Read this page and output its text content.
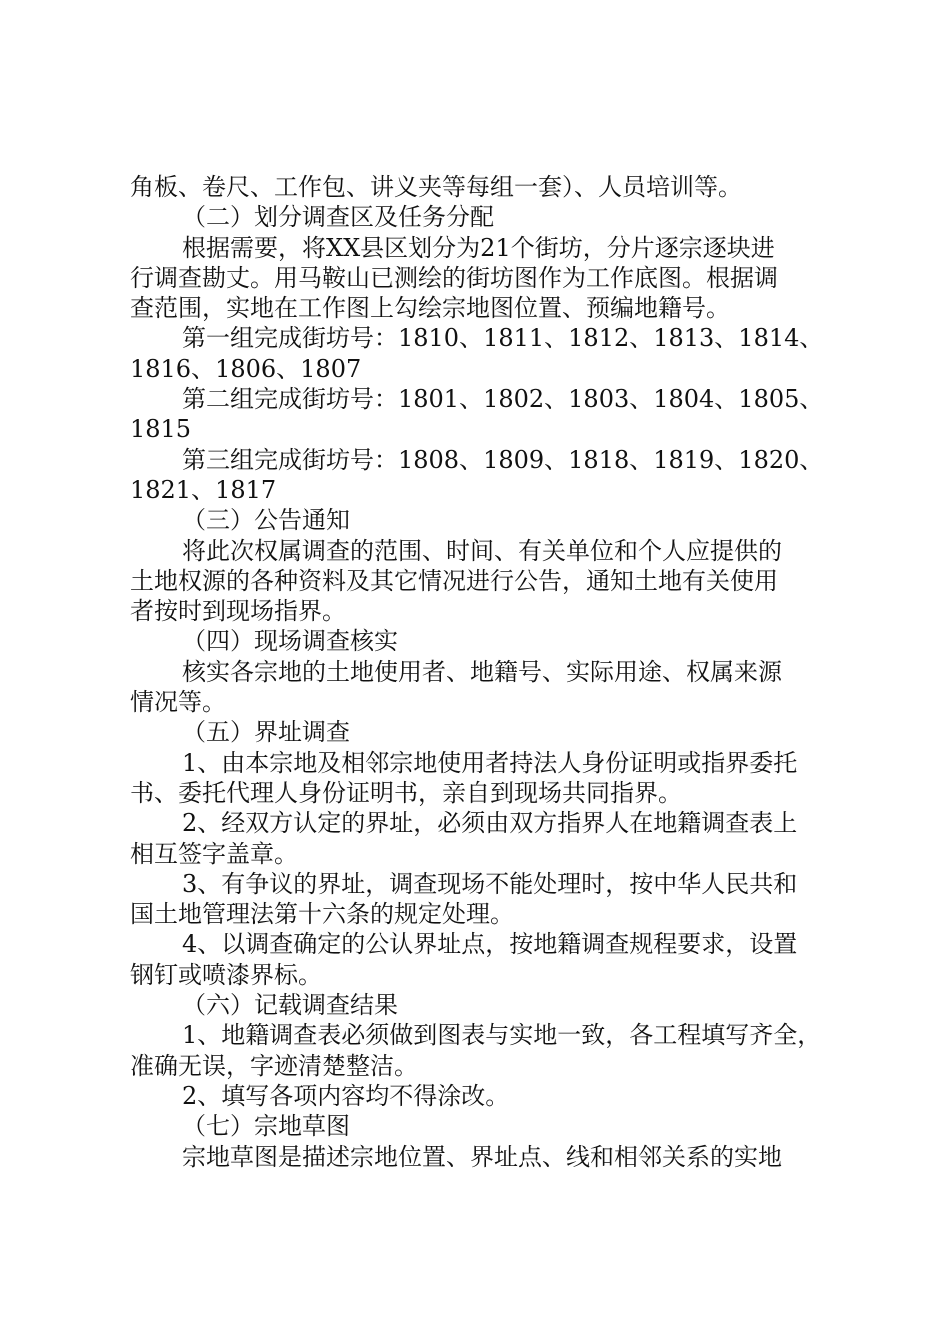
角板、卷尺、工作包、讲义夹等每组一套）、人员培训等。
（二）划分调查区及任务分配
根据需要，将XX县区划分为21个街坊，分片逐宗逐块进
行调查勘丈。用马鞍山已测绘的街坊图作为工作底图。根据调
查范围，实地在工作图上勾绘宗地图位置、预编地籍号。
第一组完成街坊号：1810、1811、1812、1813、1814、
1816、1806、1807
第二组完成街坊号：1801、1802、1803、1804、1805、
1815
第三组完成街坊号：1808、1809、1818、1819、1820、
1821、1817
（三）公告通知
将此次权属调查的范围、时间、有关单位和个人应提供的
土地权源的各种资料及其它情况进行公告，通知土地有关使用
者按时到现场指界。
（四）现场调查核实
核实各宗地的土地使用者、地籍号、实际用途、权属来源
情况等。
（五）界址调查
1、由本宗地及相邻宗地使用者持法人身份证明或指界委托
书、委托代理人身份证明书，亲自到现场共同指界。
2、经双方认定的界址，必须由双方指界人在地籍调查表上
相互签字盖章。
3、有争议的界址，调查现场不能处理时，按中华人民共和
国土地管理法第十六条的规定处理。
4、以调查确定的公认界址点，按地籍调查规程要求，设置
钢钉或喷漆界标。
（六）记载调查结果
1、地籍调查表必须做到图表与实地一致，各工程填写齐全，
准确无误，字迹清楚整洁。
2、填写各项内容均不得涂改。
（七）宗地草图
宗地草图是描述宗地位置、界址点、线和相邻关系的实地
